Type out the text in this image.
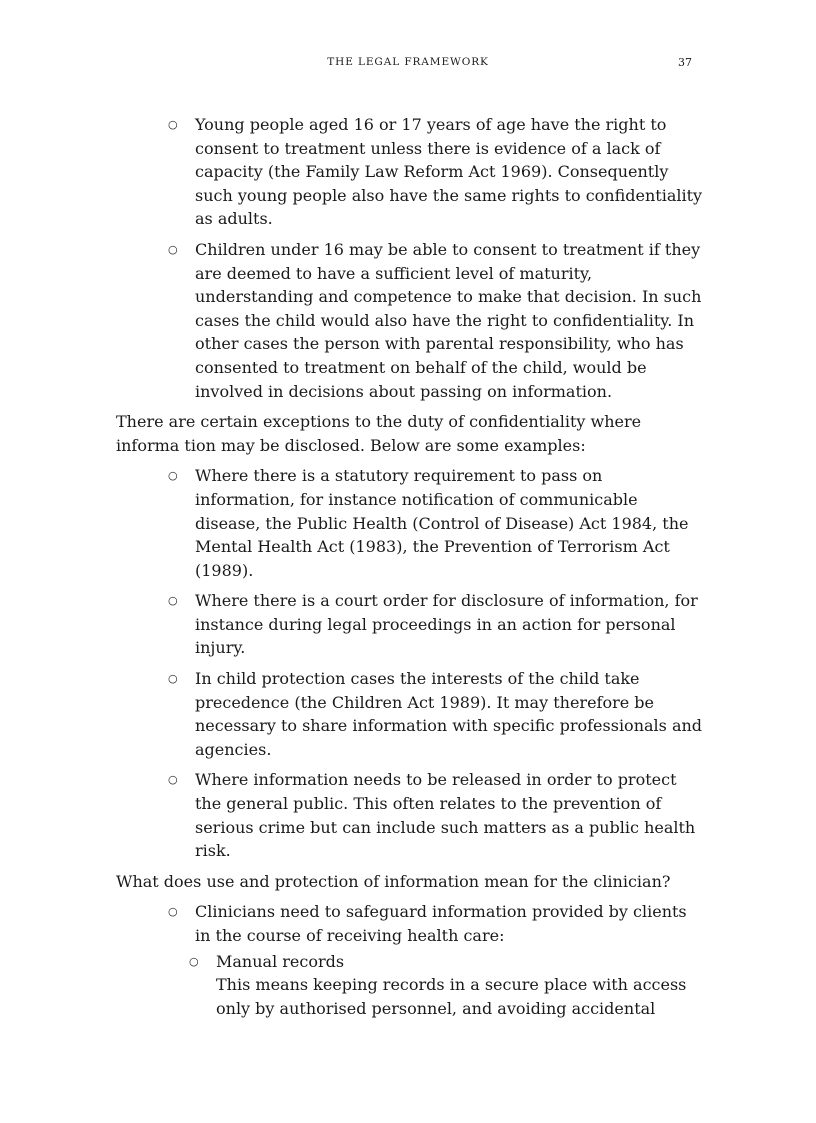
THE LEGAL FRAMEWORK	37
○ Young people aged 16 or 17 years of age have the right to consent to treatment unless there is evidence of a lack of capacity (the Family Law Reform Act 1969). Consequently such young people also have the same rights to confidentiality as adults.
○ Children under 16 may be able to consent to treatment if they are deemed to have a sufficient level of maturity, understanding and competence to make that decision. In such cases the child would also have the right to confidentiality. In other cases the person with parental responsibility, who has consented to treatment on behalf of the child, would be involved in decisions about passing on information.

There are certain exceptions to the duty of confidentiality where informa tion may be disclosed. Below are some examples:

○ Where there is a statutory requirement to pass on information, for instance notification of communicable disease, the Public Health (Control of Disease) Act 1984, the Mental Health Act (1983), the Prevention of Terrorism Act (1989).
○ Where there is a court order for disclosure of information, for instance during legal proceedings in an action for personal injury.
○ In child protection cases the interests of the child take precedence (the Children Act 1989). It may therefore be necessary to share information with specific professionals and agencies.
○ Where information needs to be released in order to protect the general public. This often relates to the prevention of serious crime but can include such matters as a public health risk.

What does use and protection of information mean for the clinician?

○ Clinicians need to safeguard information provided by clients in the course of receiving health care:
○ Manual records
This means keeping records in a secure place with access only by authorised personnel, and avoiding accidental
